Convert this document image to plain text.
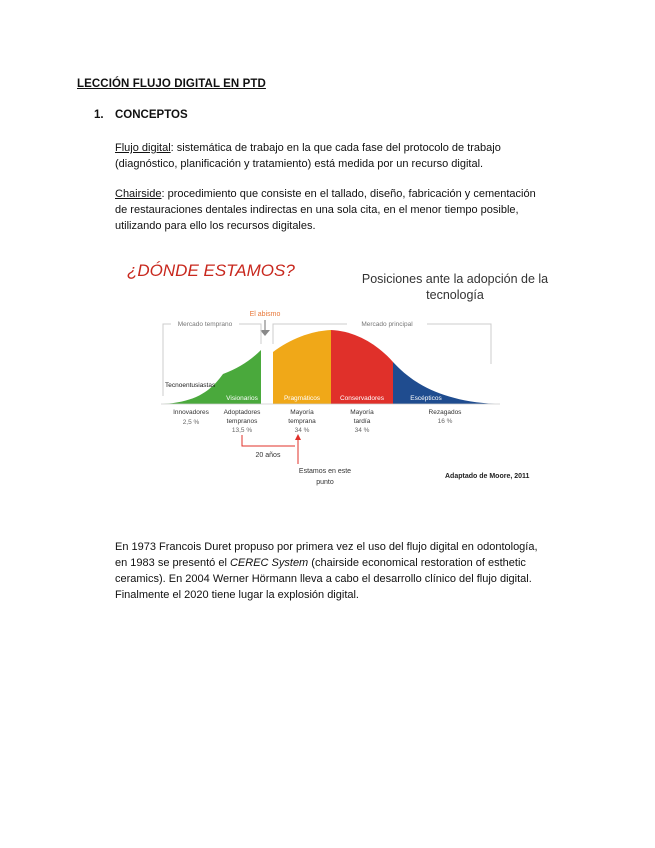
LECCIÓN FLUJO DIGITAL EN PTD
1. CONCEPTOS
Flujo digital: sistemática de trabajo en la que cada fase del protocolo de trabajo
(diagnóstico, planificación y tratamiento) está medida por un recurso digital.
Chairside: procedimiento que consiste en el tallado, diseño, fabricación y cementación
de restauraciones dentales indirectas en una sola cita, en el menor tiempo posible,
utilizando para ello los recursos digitales.
¿DÓNDE ESTAMOS?	Posiciones ante la adopción de la
tecnología
El abismo
Mercado temprano	Mercado principal
Tecnoentusiastas
Visionarios	Pragmáticos	Conservadores	Escépticos
Innovadores
2,5 %
Adoptadores
tempranos
13,5 %
Mayoría
temprana
34 %
Mayoría
tardía
34 %
Rezagados
16 %
20 años
Estamos en este
punto
Adaptado de Moore, 2011
En 1973 Francois Duret propuso por primera vez el uso del flujo digital en odontología,
en 1983 se presentó el CEREC System (chairside economical restoration of esthetic
ceramics). En 2004 Werner Hörmann lleva a cabo el desarrollo clínico del flujo digital.
Finalmente el 2020 tiene lugar la explosión digital.
